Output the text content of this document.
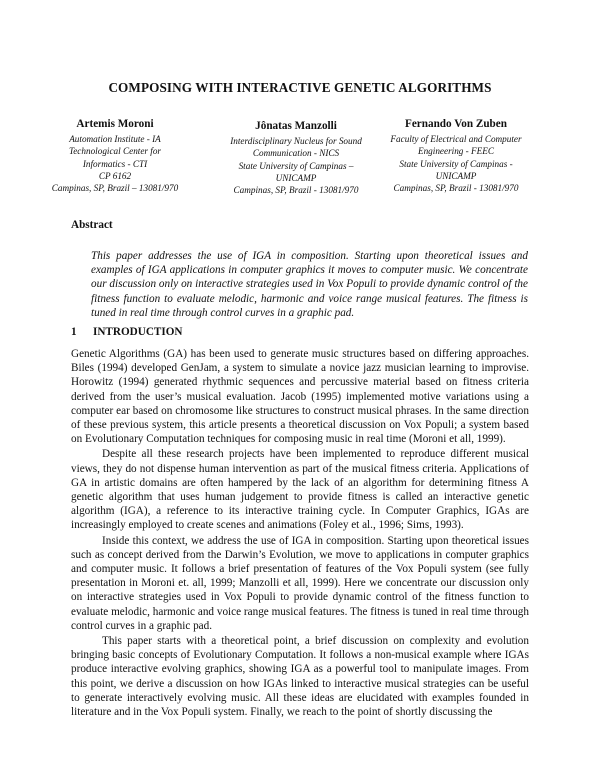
COMPOSING WITH INTERACTIVE GENETIC ALGORITHMS
Artemis Moroni
Automation Institute - IA
Technological Center for
Informatics - CTI
CP 6162
Campinas, SP, Brazil – 13081/970
Jônatas Manzolli
Interdisciplinary Nucleus for Sound
Communication - NICS
State University of Campinas –
UNICAMP
Campinas, SP, Brazil - 13081/970
Fernando Von Zuben
Faculty of Electrical and Computer
Engineering - FEEC
State University of Campinas -
UNICAMP
Campinas, SP, Brazil - 13081/970
Abstract
This paper addresses the use of IGA in composition. Starting upon theoretical issues and examples of IGA applications in computer graphics it moves to computer music. We concentrate our discussion only on interactive strategies used in Vox Populi to provide dynamic control of the fitness function to evaluate melodic, harmonic and voice range musical features. The fitness is tuned in real time through control curves in a graphic pad.
1 INTRODUCTION

Genetic Algorithms (GA) has been used to generate music structures based on differing approaches. Biles (1994) developed GenJam, a system to simulate a novice jazz musician learning to improvise. Horowitz (1994) generated rhythmic sequences and percussive material based on fitness criteria derived from the user’s musical evaluation. Jacob (1995) implemented motive variations using a computer ear based on chromosome like structures to construct musical phrases. In the same direction of these previous system, this article presents a theoretical discussion on Vox Populi; a system based on Evolutionary Computation techniques for composing music in real time (Moroni et all, 1999).

Despite all these research projects have been implemented to reproduce different musical views, they do not dispense human intervention as part of the musical fitness criteria. Applications of GA in artistic domains are often hampered by the lack of an algorithm for determining fitness A genetic algorithm that uses human judgement to provide fitness is called an interactive genetic algorithm (IGA), a reference to its interactive training cycle. In Computer Graphics, IGAs are increasingly employed to create scenes and animations (Foley et al., 1996; Sims, 1993).

Inside this context, we address the use of IGA in composition. Starting upon theoretical issues such as concept derived from the Darwin’s Evolution, we move to applications in computer graphics and computer music. It follows a brief presentation of features of the Vox Populi system (see fully presentation in Moroni et. all, 1999; Manzolli et all, 1999). Here we concentrate our discussion only on interactive strategies used in Vox Populi to provide dynamic control of the fitness function to evaluate melodic, harmonic and voice range musical features. The fitness is tuned in real time through control curves in a graphic pad.

This paper starts with a theoretical point, a brief discussion on complexity and evolution bringing basic concepts of Evolutionary Computation. It follows a non-musical example where IGAs produce interactive evolving graphics, showing IGA as a powerful tool to manipulate images. From this point, we derive a discussion on how IGAs linked to interactive musical strategies can be useful to generate interactively evolving music. All these ideas are elucidated with examples founded in literature and in the Vox Populi system. Finally, we reach to the point of shortly discussing the
